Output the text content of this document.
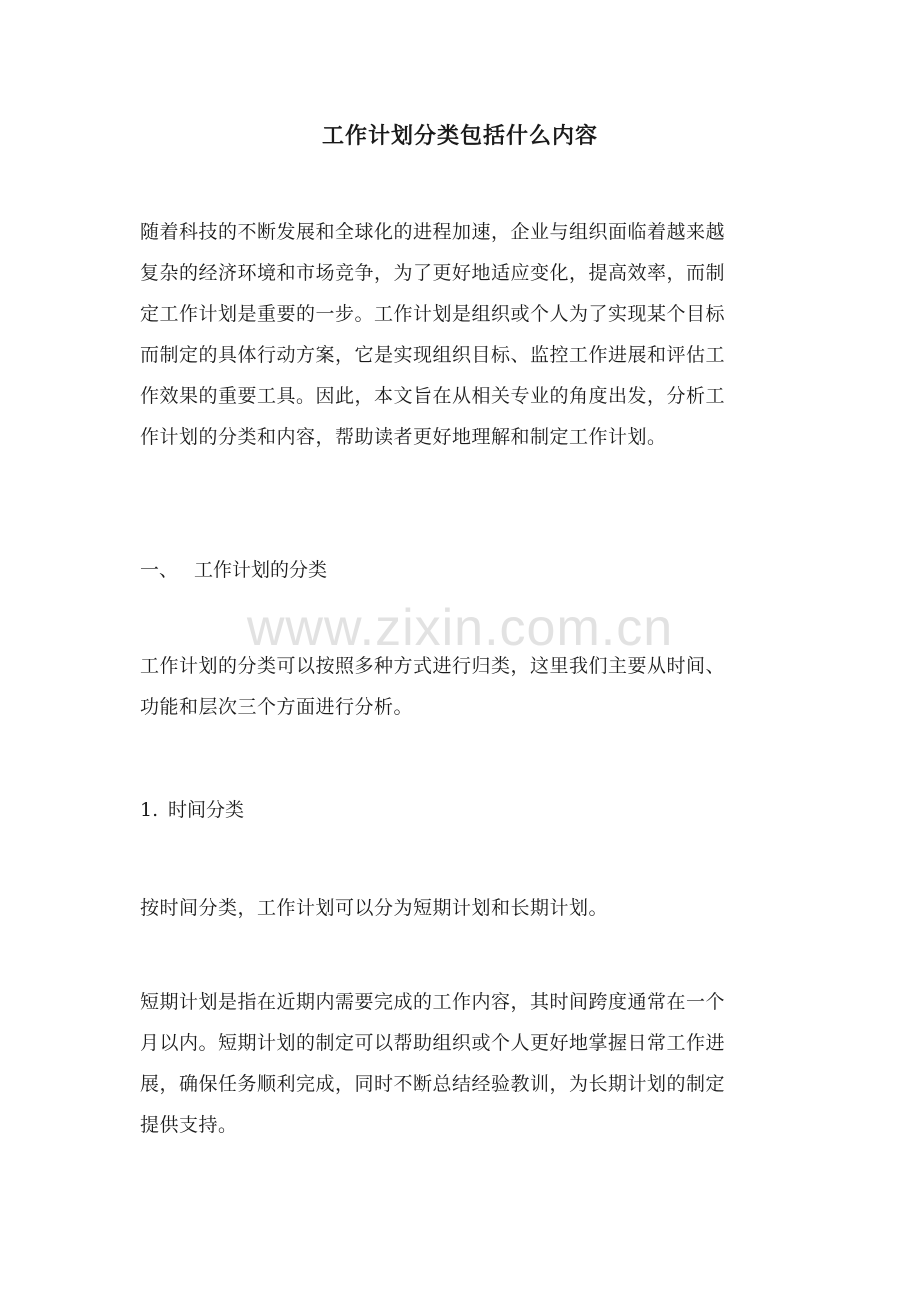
工作计划分类包括什么内容
随着科技的不断发展和全球化的进程加速，企业与组织面临着越来越
复杂的经济环境和市场竞争，为了更好地适应变化，提高效率，而制
定工作计划是重要的一步。工作计划是组织或个人为了实现某个目标
而制定的具体行动方案，它是实现组织目标、监控工作进展和评估工
作效果的重要工具。因此，本文旨在从相关专业的角度出发，分析工
作计划的分类和内容，帮助读者更好地理解和制定工作计划。
一、 工作计划的分类
www.zixin.com.cn
工作计划的分类可以按照多种方式进行归类，这里我们主要从时间、
功能和层次三个方面进行分析。
1. 时间分类
按时间分类，工作计划可以分为短期计划和长期计划。
短期计划是指在近期内需要完成的工作内容，其时间跨度通常在一个
月以内。短期计划的制定可以帮助组织或个人更好地掌握日常工作进
展，确保任务顺利完成，同时不断总结经验教训，为长期计划的制定
提供支持。
